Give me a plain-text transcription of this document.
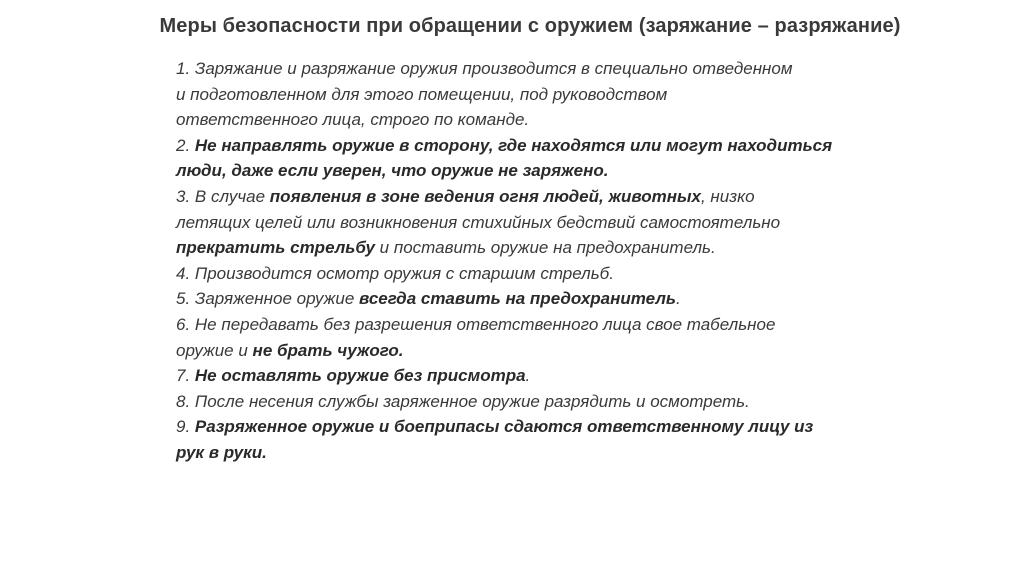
Меры безопасности при обращении с оружием (заряжание – разряжание)
1. Заряжание и разряжание оружия производится в специально отведенном
и подготовленном для этого помещении, под руководством
ответственного лица, строго по команде.
2. Не направлять оружие в сторону, где находятся или могут находиться
люди, даже если уверен, что оружие не заряжено.
3. В случае появления в зоне ведения огня людей, животных, низко
летящих целей или возникновения стихийных бедствий самостоятельно
прекратить стрельбу и поставить оружие на предохранитель.
4. Производится осмотр оружия с старшим стрельб.
5. Заряженное оружие всегда ставить на предохранитель.
6. Не передавать без разрешения ответственного лица свое табельное
оружие и не брать чужого.
7. Не оставлять оружие без присмотра.
8. После несения службы заряженное оружие разрядить и осмотреть.
9. Разряженное оружие и боеприпасы сдаются ответственному лицу из
рук в руки.
